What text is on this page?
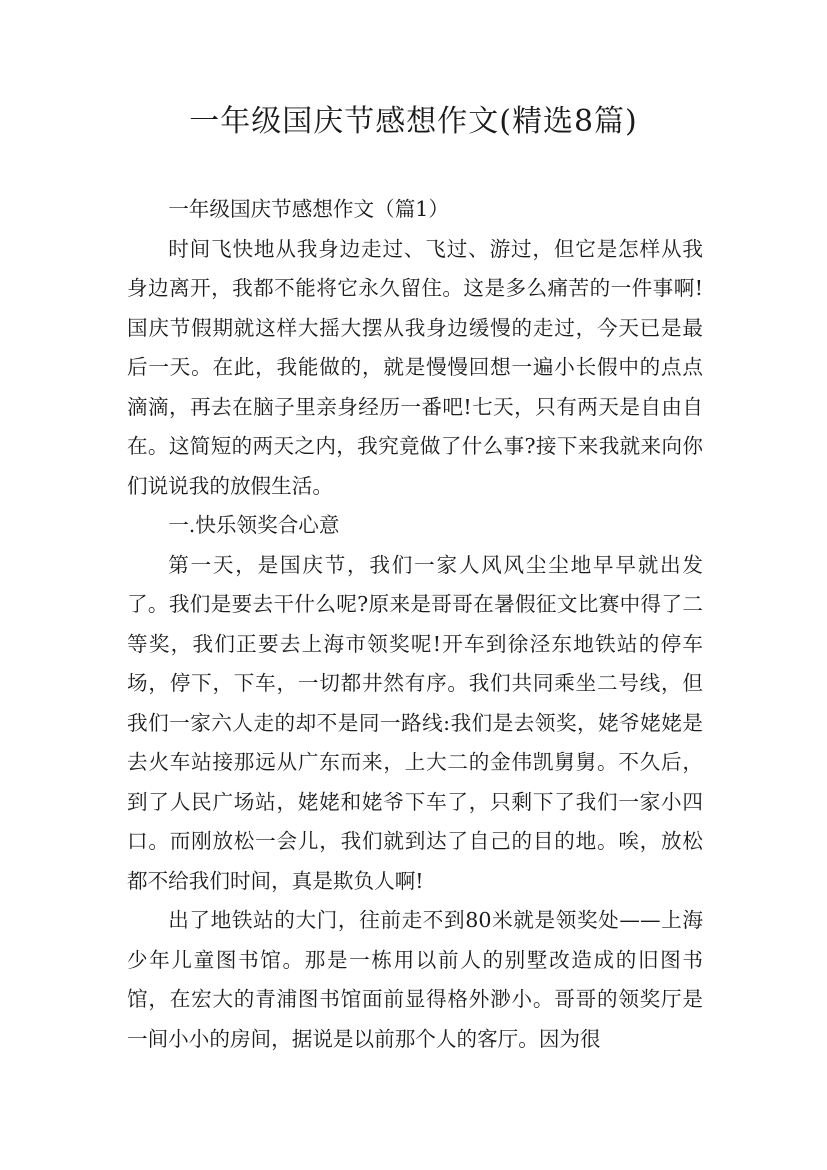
一年级国庆节感想作文(精选8篇)

一年级国庆节感想作文（篇1）

时间飞快地从我身边走过、飞过、游过，但它是怎样从我身边离开，我都不能将它永久留住。这是多么痛苦的一件事啊!国庆节假期就这样大摇大摆从我身边缓慢的走过，今天已是最后一天。在此，我能做的，就是慢慢回想一遍小长假中的点点滴滴，再去在脑子里亲身经历一番吧!七天，只有两天是自由自在。这简短的两天之内，我究竟做了什么事?接下来我就来向你们说说我的放假生活。

一.快乐领奖合心意

第一天，是国庆节，我们一家人风风尘尘地早早就出发了。我们是要去干什么呢?原来是哥哥在暑假征文比赛中得了二等奖，我们正要去上海市领奖呢!开车到徐泾东地铁站的停车场，停下，下车，一切都井然有序。我们共同乘坐二号线，但我们一家六人走的却不是同一路线:我们是去领奖，姥爷姥姥是去火车站接那远从广东而来，上大二的金伟凯舅舅。不久后，到了人民广场站，姥姥和姥爷下车了，只剩下了我们一家小四口。而刚放松一会儿，我们就到达了自己的目的地。唉，放松都不给我们时间，真是欺负人啊!

出了地铁站的大门，往前走不到80米就是领奖处——上海少年儿童图书馆。那是一栋用以前人的别墅改造成的旧图书馆，在宏大的青浦图书馆面前显得格外渺小。哥哥的领奖厅是一间小小的房间，据说是以前那个人的客厅。因为很
